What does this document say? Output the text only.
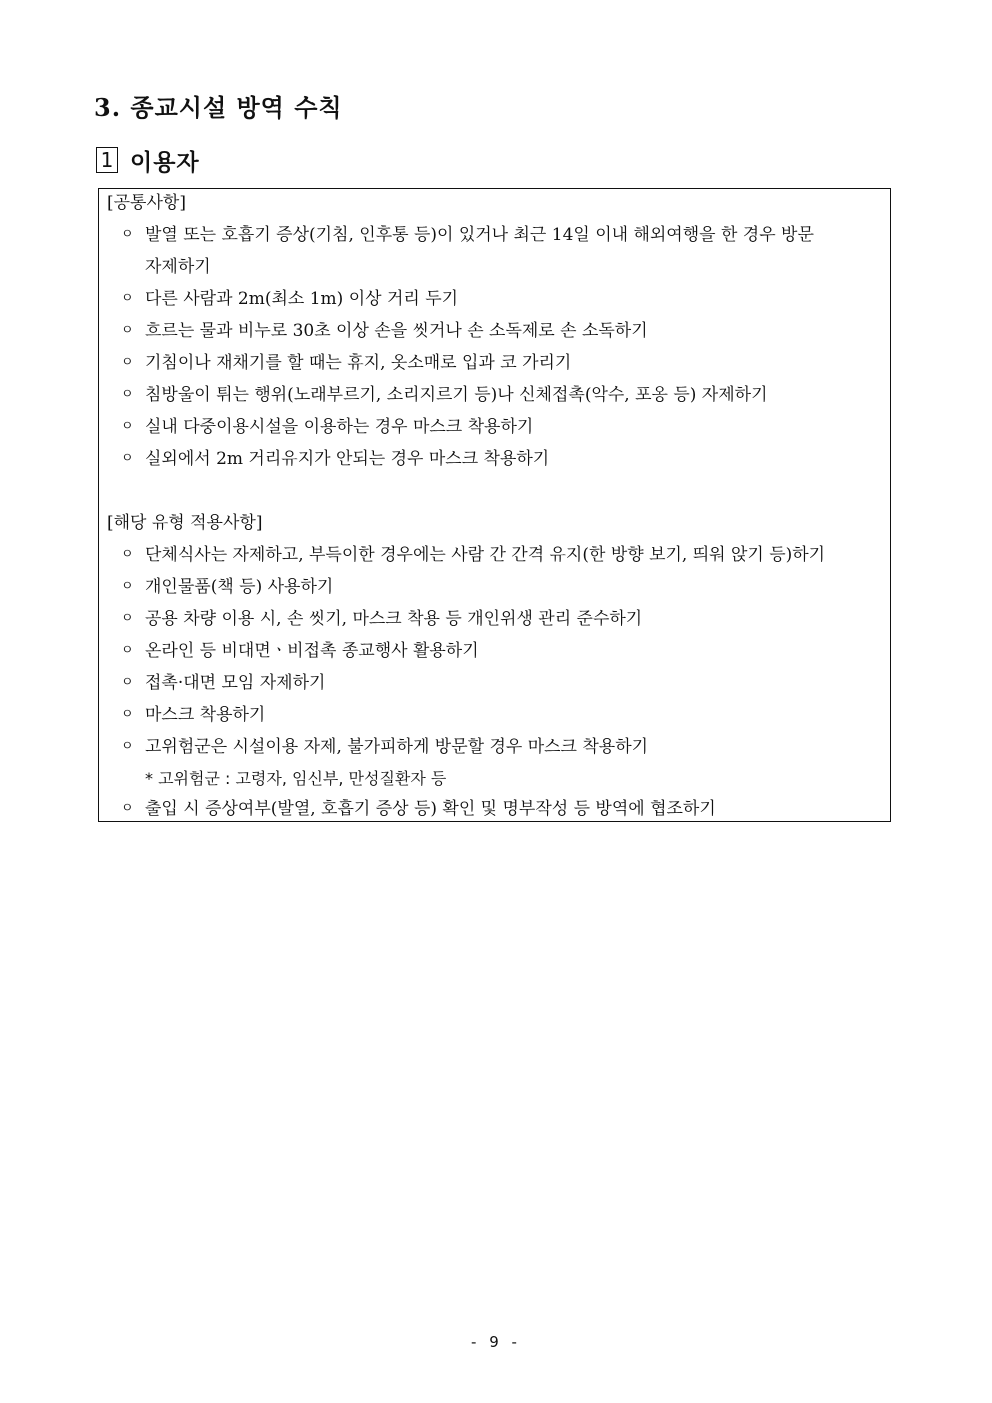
3. 종교시설 방역 수칙
1 이용자
[공통사항]
ㅇ 발열 또는 호흡기 증상(기침, 인후통 등)이 있거나 최근 14일 이내 해외여행을 한 경우 방문
자제하기
ㅇ 다른 사람과 2m(최소 1m) 이상 거리 두기
ㅇ 흐르는 물과 비누로 30초 이상 손을 씻거나 손 소독제로 손 소독하기
ㅇ 기침이나 재채기를 할 때는 휴지, 옷소매로 입과 코 가리기
ㅇ 침방울이 튀는 행위(노래부르기, 소리지르기 등)나 신체접촉(악수, 포옹 등) 자제하기
ㅇ 실내 다중이용시설을 이용하는 경우 마스크 착용하기
ㅇ 실외에서 2m 거리유지가 안되는 경우 마스크 착용하기
[해당 유형 적용사항]
ㅇ 단체식사는 자제하고, 부득이한 경우에는 사람 간 간격 유지(한 방향 보기, 띄워 앉기 등)하기
ㅇ 개인물품(책 등) 사용하기
ㅇ 공용 차량 이용 시, 손 씻기, 마스크 착용 등 개인위생 관리 준수하기
ㅇ 온라인 등 비대면ㆍ비접촉 종교행사 활용하기
ㅇ 접촉·대면 모임 자제하기
ㅇ 마스크 착용하기
ㅇ 고위험군은 시설이용 자제, 불가피하게 방문할 경우 마스크 착용하기
* 고위험군 : 고령자, 임신부, 만성질환자 등
ㅇ 출입 시 증상여부(발열, 호흡기 증상 등) 확인 및 명부작성 등 방역에 협조하기
- 9 -
